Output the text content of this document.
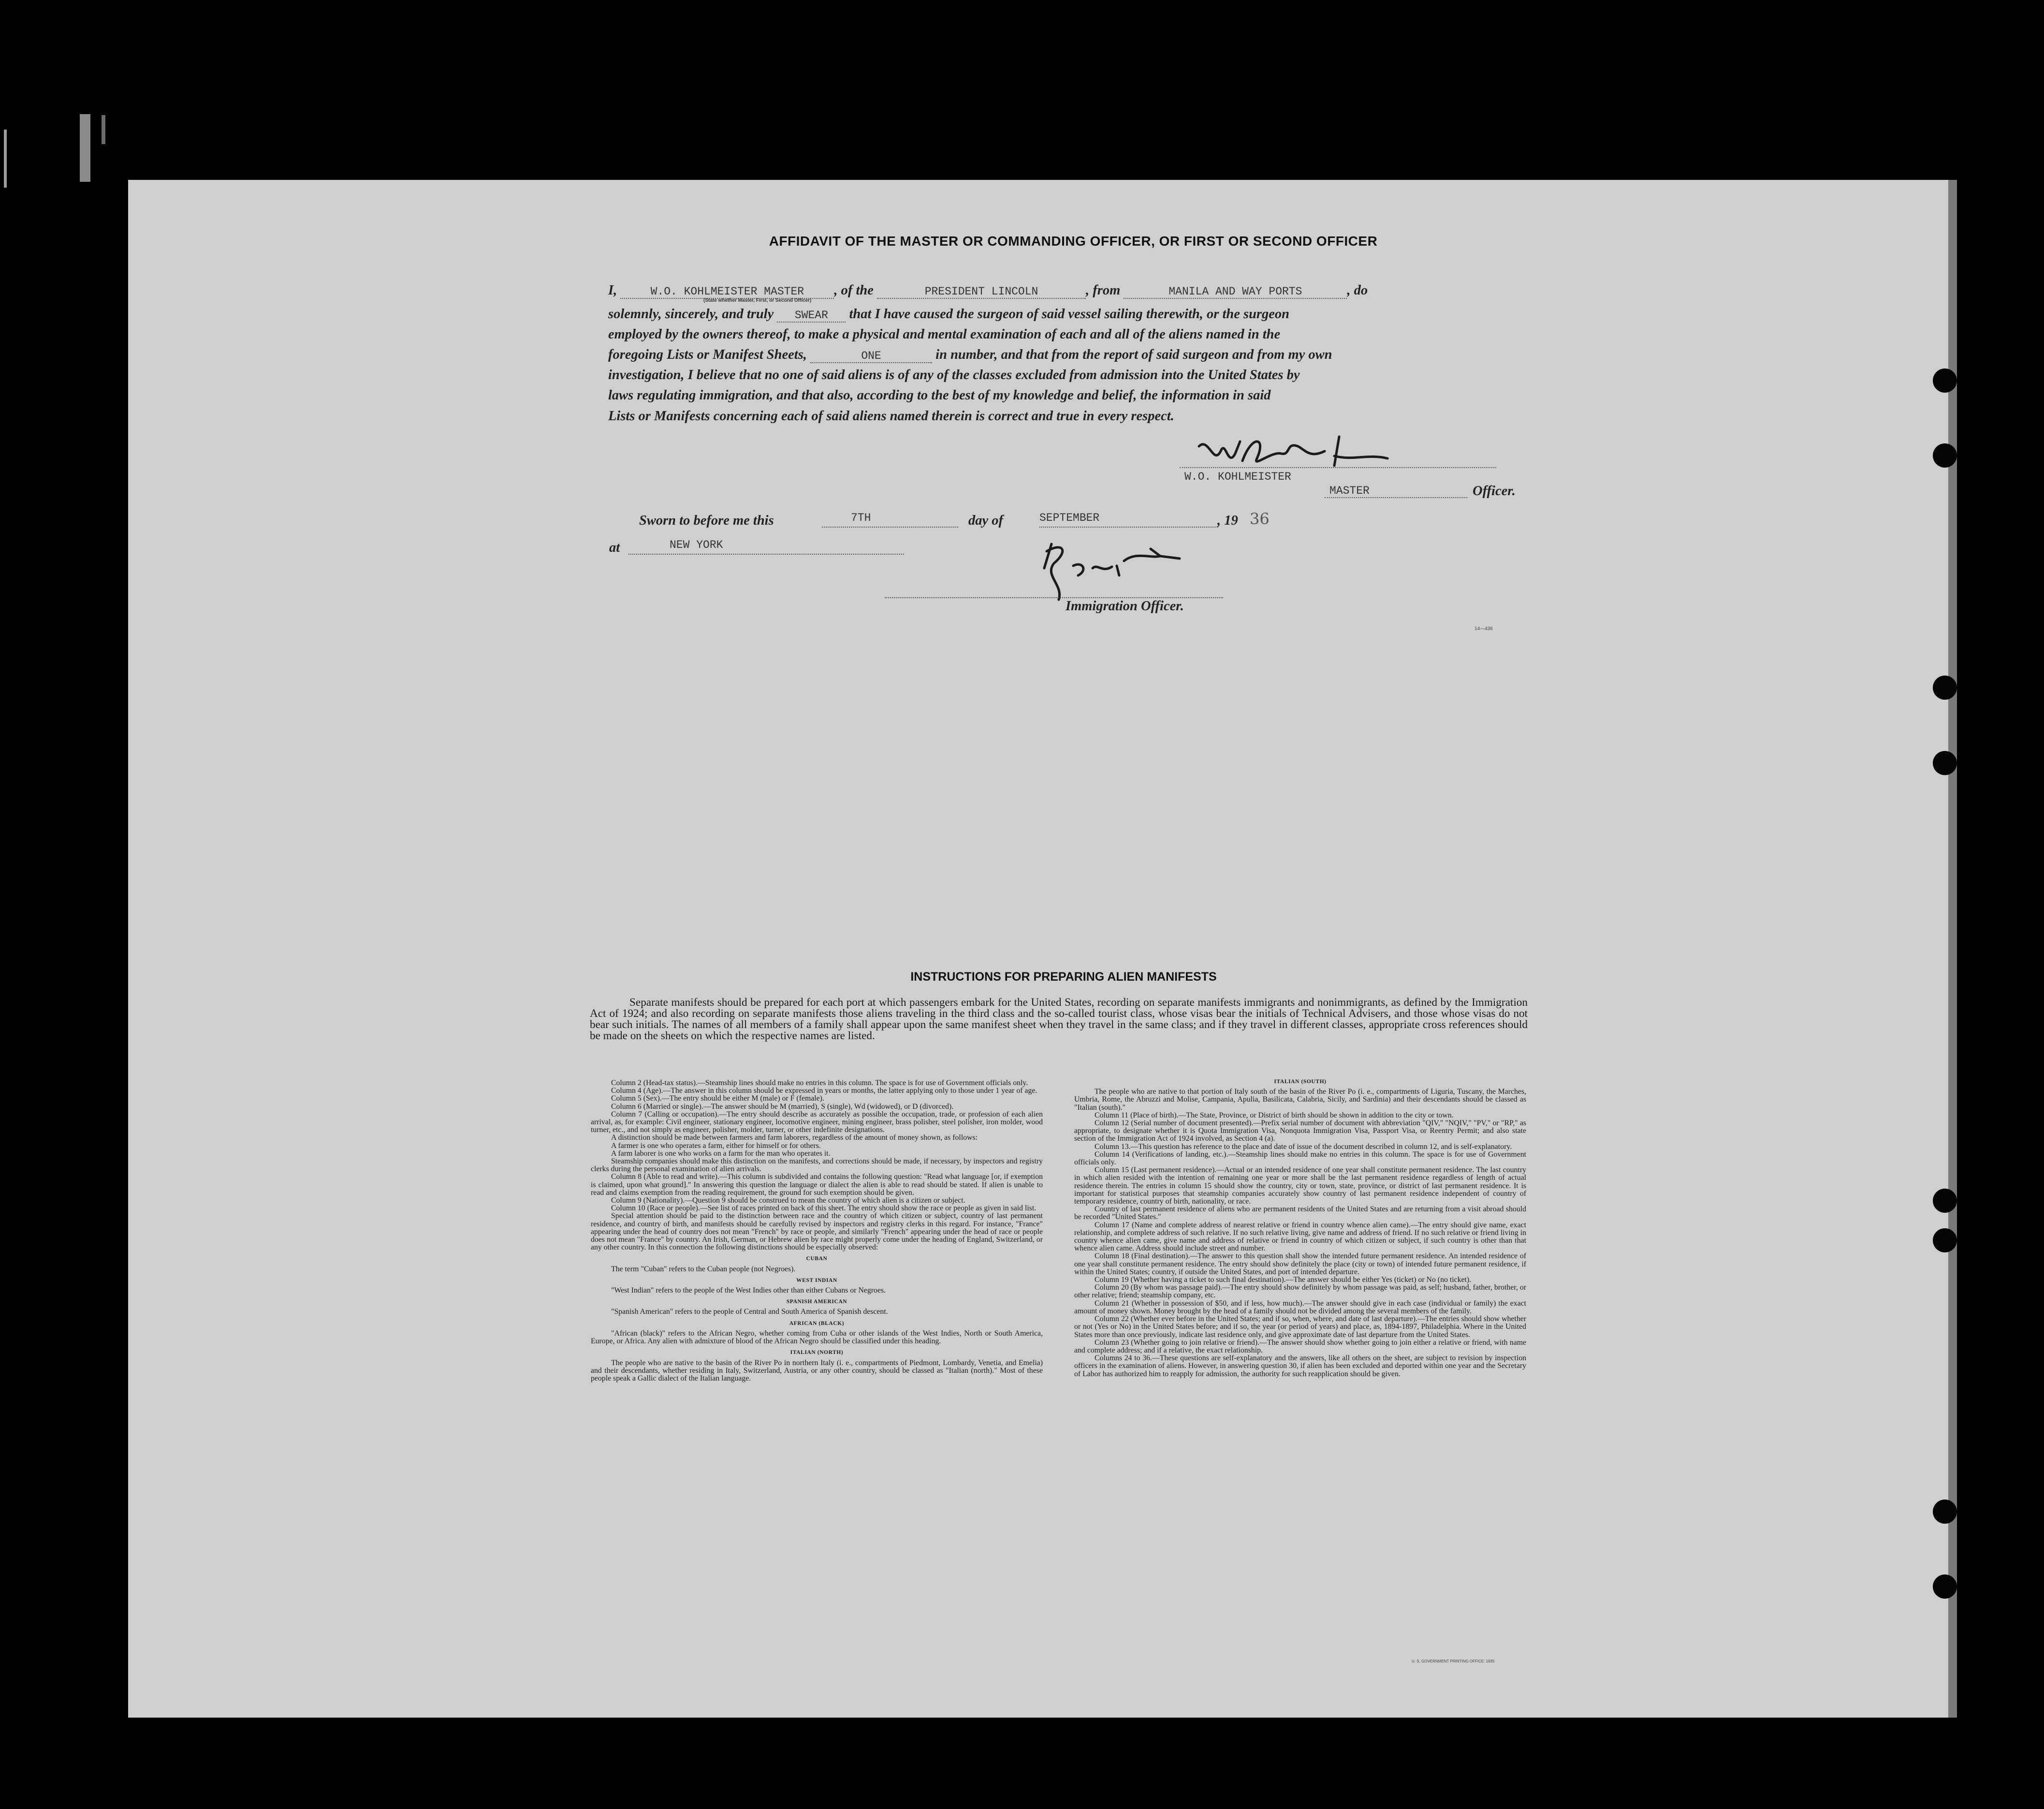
AFFIDAVIT OF THE MASTER OR COMMANDING OFFICER, OR FIRST OR SECOND OFFICER
I,	W.O. KOHLMEISTER MASTER , of the	PRESIDENT LINCOLN	, from	MANILA AND WAY PORTS	, do
(State whether Master, First, or Second Officer)
solemnly, sincerely, and truly SWEAR that I have caused the surgeon of said vessel sailing therewith, or the surgeon
employed by the owners thereof, to make a physical and mental examination of each and all of the aliens named in the
foregoing Lists or Manifest Sheets,	ONE	in number, and that from the report of said surgeon and from my own
investigation, I believe that no one of said aliens is of any of the classes excluded from admission into the United States by
laws regulating immigration, and that also, according to the best of my knowledge and belief, the information in said
Lists or Manifests concerning each of said aliens named therein is correct and true in every respect.
W.O. KOHLMEISTER
MASTER	Officer.
Sworn to before me this	7TH	day of	SEPTEMBER	, 19 36
at	NEW YORK
Immigration Officer.
14—436
INSTRUCTIONS FOR PREPARING ALIEN MANIFESTS
Separate manifests should be prepared for each port at which passengers embark for the United States, recording on separate manifests immigrants and nonimmigrants, as defined by the Immigration Act of 1924; and also recording on separate manifests those aliens traveling in the third class and the so-called tourist class, whose visas bear the initials of Technical Advisers, and those whose visas do not bear such initials. The names of all members of a family shall appear upon the same manifest sheet when they travel in the same class; and if they travel in different classes, appropriate cross references should be made on the sheets on which the respective names are listed.

Column 2 (Head-tax status).—Steamship lines should make no entries in this column. The space is for use of Government officials only.

Column 4 (Age).—The answer in this column should be expressed in years or months, the latter applying only to those under 1 year of age.

Column 5 (Sex).—The entry should be either M (male) or F (female).

Column 6 (Married or single).—The answer should be M (married), S (single), Wd (widowed), or D (divorced).

Column 7 (Calling or occupation).—The entry should describe as accurately as possible the occupation, trade, or profession of each alien arrival, as, for example: Civil engineer, stationary engineer, locomotive engineer, mining engineer, brass polisher, steel polisher, iron molder, wood turner, etc., and not simply as engineer, polisher, molder, turner, or other indefinite designations.

A distinction should be made between farmers and farm laborers, regardless of the amount of money shown, as follows:

A farmer is one who operates a farm, either for himself or for others.

A farm laborer is one who works on a farm for the man who operates it.

Steamship companies should make this distinction on the manifests, and corrections should be made, if necessary, by inspectors and registry clerks during the personal examination of alien arrivals.

Column 8 (Able to read and write).—This column is subdivided and contains the following question: "Read what language [or, if exemption is claimed, upon what ground]." In answering this question the language or dialect the alien is able to read should be stated. If alien is unable to read and claims exemption from the reading requirement, the ground for such exemption should be given.

Column 9 (Nationality).—Question 9 should be construed to mean the country of which alien is a citizen or subject.

Column 10 (Race or people).—See list of races printed on back of this sheet. The entry should show the race or people as given in said list.

Special attention should be paid to the distinction between race and the country of which citizen or subject, country of last permanent residence, and country of birth, and manifests should be carefully revised by inspectors and registry clerks in this regard. For instance, "France" appearing under the head of country does not mean "French" by race or people, and similarly "French" appearing under the head of race or people does not mean "France" by country. An Irish, German, or Hebrew alien by race might properly come under the heading of England, Switzerland, or any other country. In this connection the following distinctions should be especially observed:

CUBAN

The term "Cuban" refers to the Cuban people (not Negroes).

WEST INDIAN

"West Indian" refers to the people of the West Indies other than either Cubans or Negroes.

SPANISH AMERICAN

"Spanish American" refers to the people of Central and South America of Spanish descent.

AFRICAN (BLACK)

"African (black)" refers to the African Negro, whether coming from Cuba or other islands of the West Indies, North or South America, Europe, or Africa. Any alien with admixture of blood of the African Negro should be classified under this heading.

ITALIAN (NORTH)

The people who are native to the basin of the River Po in northern Italy (i. e., compartments of Piedmont, Lombardy, Venetia, and Emelia) and their descendants, whether residing in Italy, Switzerland, Austria, or any other country, should be classed as "Italian (north)." Most of these people speak a Gallic dialect of the Italian language.

ITALIAN (SOUTH)

The people who are native to that portion of Italy south of the basin of the River Po (i. e., compartments of Liguria, Tuscany, the Marches, Umbria, Rome, the Abruzzi and Molise, Campania, Apulia, Basilicata, Calabria, Sicily, and Sardinia) and their descendants should be classed as "Italian (south)."

Column 11 (Place of birth).—The State, Province, or District of birth should be shown in addition to the city or town.

Column 12 (Serial number of document presented).—Prefix serial number of document with abbreviation "QIV," "NQIV," "PV," or "RP," as appropriate, to designate whether it is Quota Immigration Visa, Nonquota Immigration Visa, Passport Visa, or Reentry Permit; and also state section of the Immigration Act of 1924 involved, as Section 4 (a).

Column 13.—This question has reference to the place and date of issue of the document described in column 12, and is self-explanatory.

Column 14 (Verifications of landing, etc.).—Steamship lines should make no entries in this column. The space is for use of Government officials only.

Column 15 (Last permanent residence).—Actual or an intended residence of one year shall constitute permanent residence. The last country in which alien resided with the intention of remaining one year or more shall be the last permanent residence regardless of length of actual residence therein. The entries in column 15 should show the country, city or town, state, province, or district of last permanent residence. It is important for statistical purposes that steamship companies accurately show country of last permanent residence independent of country of temporary residence, country of birth, nationality, or race.

Country of last permanent residence of aliens who are permanent residents of the United States and are returning from a visit abroad should be recorded "United States."

Column 17 (Name and complete address of nearest relative or friend in country whence alien came).—The entry should give name, exact relationship, and complete address of such relative. If no such relative living, give name and address of friend. If no such relative or friend living in country whence alien came, give name and address of relative or friend in country of which citizen or subject, if such country is other than that whence alien came. Address should include street and number.

Column 18 (Final destination).—The answer to this question shall show the intended future permanent residence. An intended residence of one year shall constitute permanent residence. The entry should show definitely the place (city or town) of intended future permanent residence, if within the United States; country, if outside the United States, and port of intended departure.

Column 19 (Whether having a ticket to such final destination).—The answer should be either Yes (ticket) or No (no ticket).

Column 20 (By whom was passage paid).—The entry should show definitely by whom passage was paid, as self; husband, father, brother, or other relative; friend; steamship company, etc.

Column 21 (Whether in possession of $50, and if less, how much).—The answer should give in each case (individual or family) the exact amount of money shown. Money brought by the head of a family should not be divided among the several members of the family.

Column 22 (Whether ever before in the United States; and if so, when, where, and date of last departure).—The entries should show whether or not (Yes or No) in the United States before; and if so, the year (or period of years) and place, as, 1894-1897, Philadelphia. Where in the United States more than once previously, indicate last residence only, and give approximate date of last departure from the United States.

Column 23 (Whether going to join relative or friend).—The answer should show whether going to join either a relative or friend, with name and complete address; and if a relative, the exact relationship.

Columns 24 to 36.—These questions are self-explanatory and the answers, like all others on the sheet, are subject to revision by inspection officers in the examination of aliens. However, in answering question 30, if alien has been excluded and deported within one year and the Secretary of Labor has authorized him to reapply for admission, the authority for such reapplication should be given.

U. S. GOVERNMENT PRINTING OFFICE: 1935
